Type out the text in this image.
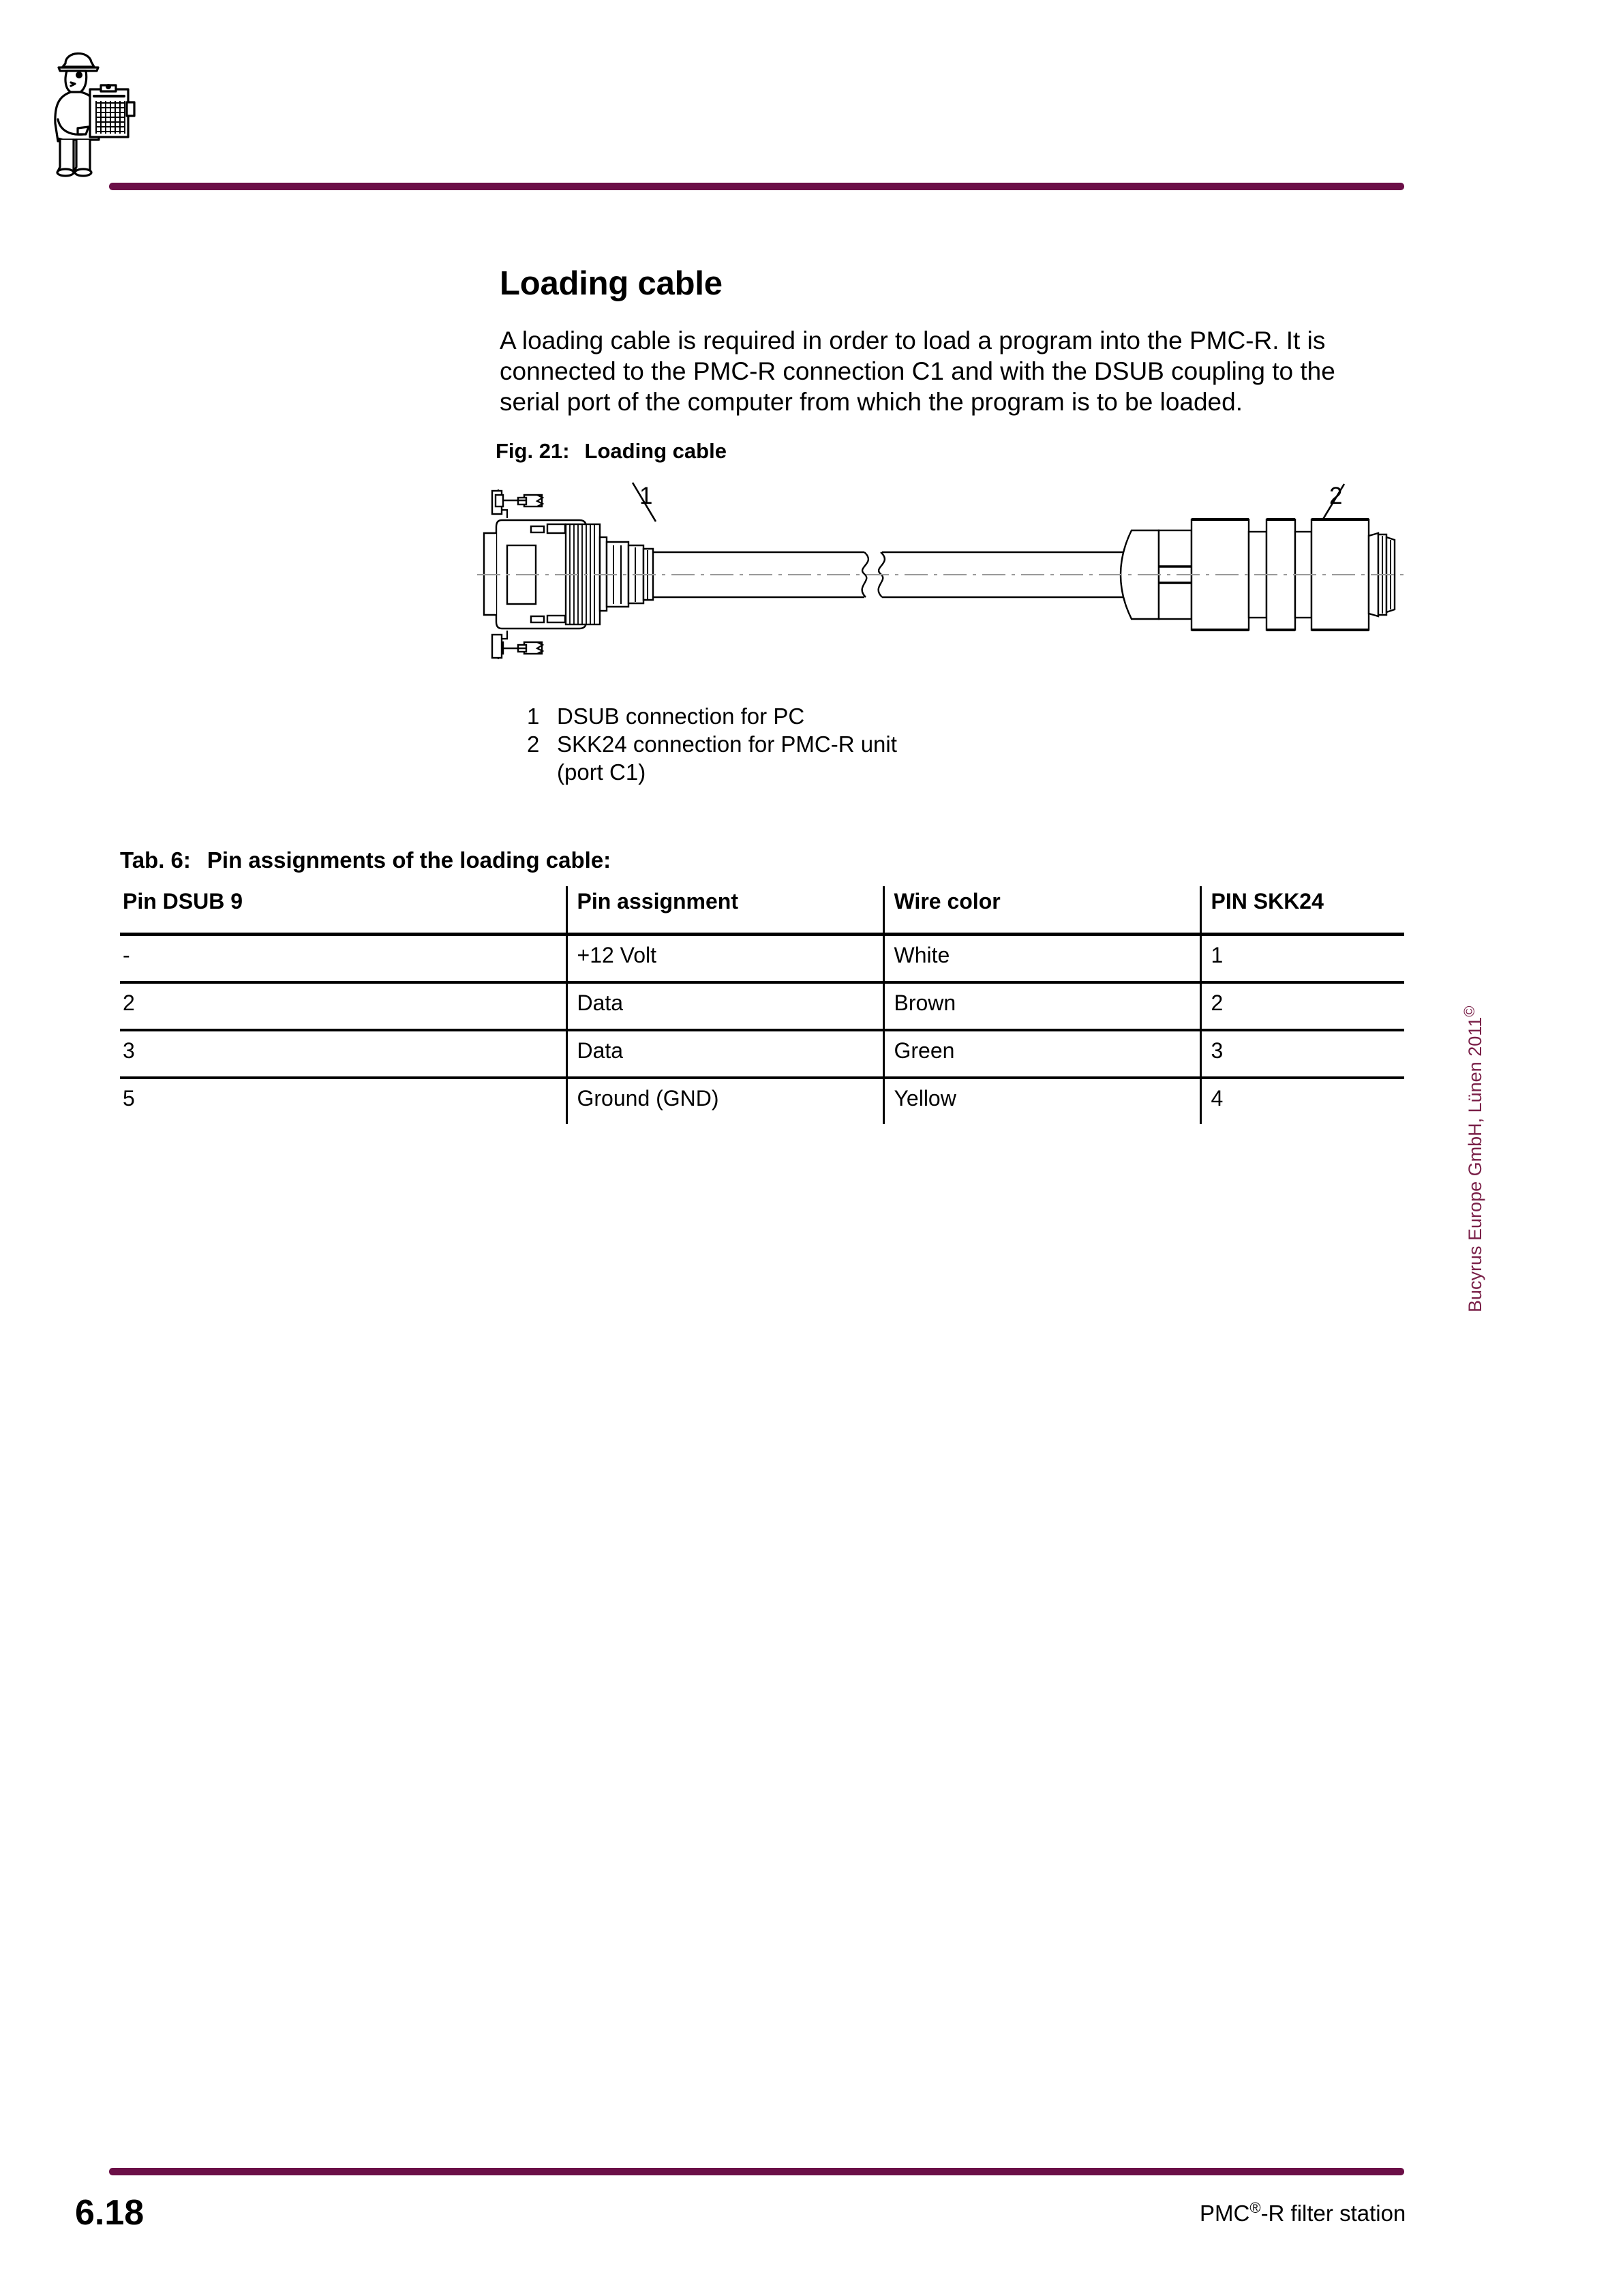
Loading cable

A loading cable is required in order to load a program into the PMC-R. It is connected to the PMC-R connection C1 and with the DSUB coupling to the serial port of the computer from which the program is to be loaded.

Fig. 21: Loading cable
1	2
1 DSUB connection for PC
2 SKK24 connection for PMC-R unit (port C1)
Tab. 6: Pin assignments of the loading cable:
Pin DSUB 9	Pin assignment	Wire color	PIN SKK24
-	+12 Volt	White	1
2	Data	Brown	2
3	Data	Green	3
5	Ground (GND)	Yellow	4	Bucyrus Europe GmbH, Lünen 2011©
6.18	PMC®-R filter station
